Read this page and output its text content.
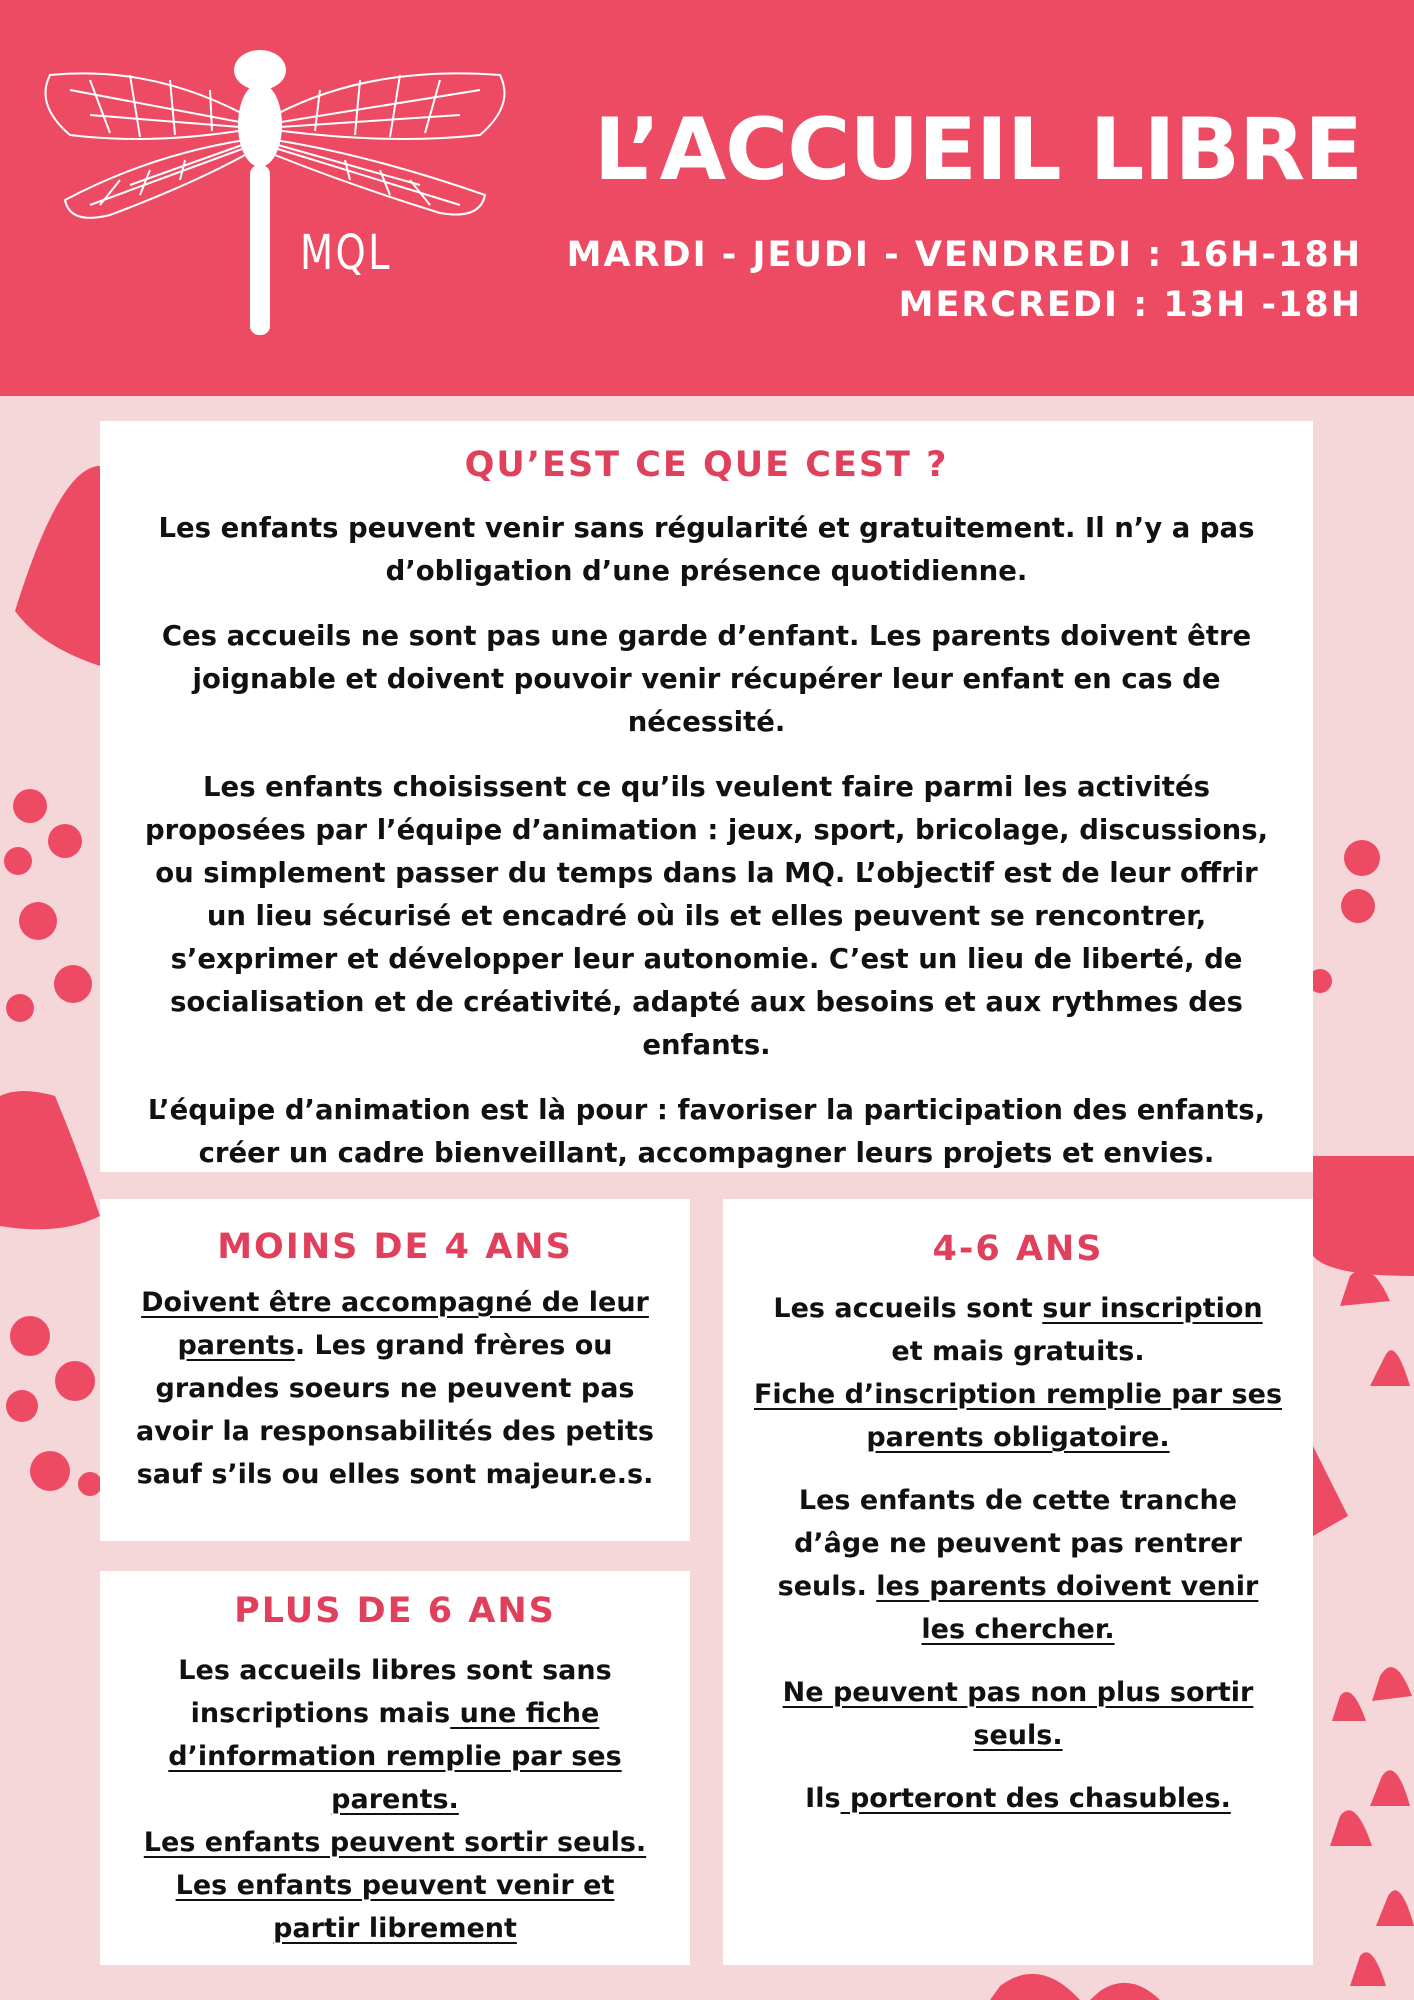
MQL
L’ACCUEIL LIBRE
MARDI - JEUDI - VENDREDI : 16H-18H
MERCREDI : 13H -18H
QU’EST CE QUE CEST ?

Les enfants peuvent venir sans régularité et gratuitement. Il n’y a pas d’obligation d’une présence quotidienne.

Ces accueils ne sont pas une garde d’enfant. Les parents doivent être joignable et doivent pouvoir venir récupérer leur enfant en cas de nécessité.

Les enfants choisissent ce qu’ils veulent faire parmi les activités proposées par l’équipe d’animation : jeux, sport, bricolage, discussions, ou simplement passer du temps dans la MQ. L’objectif est de leur offrir un lieu sécurisé et encadré où ils et elles peuvent se rencontrer, s’exprimer et développer leur autonomie. C’est un lieu de liberté, de socialisation et de créativité, adapté aux besoins et aux rythmes des enfants.

L’équipe d’animation est là pour : favoriser la participation des enfants, créer un cadre bienveillant, accompagner leurs projets et envies.

MOINS DE 4 ANS

Doivent être accompagné de leur parents. Les grand frères ou grandes soeurs ne peuvent pas avoir la responsabilités des petits sauf s’ils ou elles sont majeur.e.s.

PLUS DE 6 ANS

Les accueils libres sont sans inscriptions mais une fiche d’information remplie par ses parents.
Les enfants peuvent sortir seuls.
Les enfants peuvent venir et partir librement

4-6 ANS

Les accueils sont sur inscription
et mais gratuits.
Fiche d’inscription remplie par ses parents obligatoire.

Les enfants de cette tranche d’âge ne peuvent pas rentrer seuls. les parents doivent venir les chercher.

Ne peuvent pas non plus sortir seuls.

Ils porteront des chasubles.
